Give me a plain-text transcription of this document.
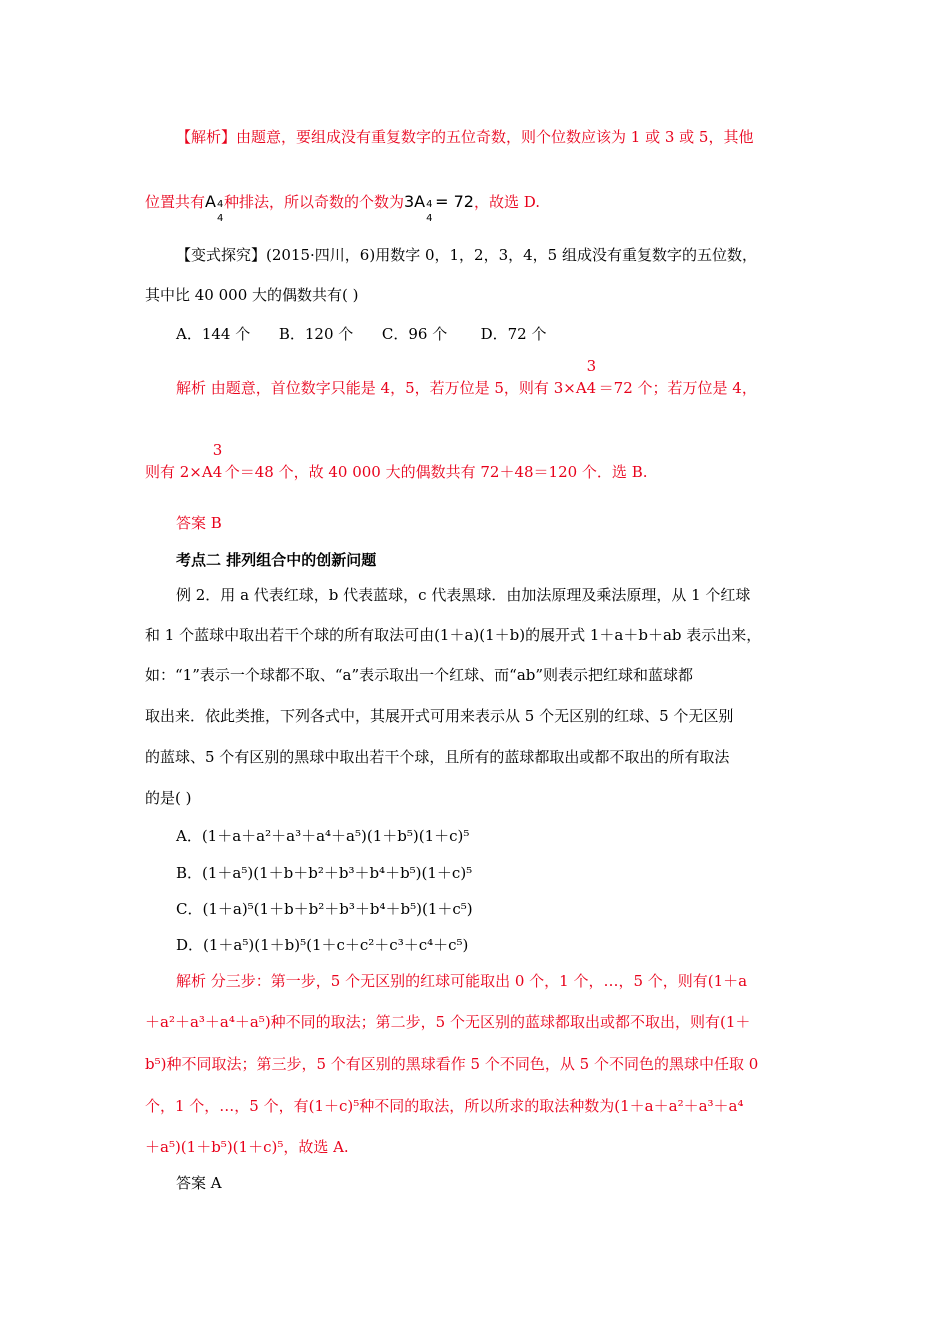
【解析】由题意，要组成没有重复数字的五位奇数，则个位数应该为 1 或 3 或 5，其他
位置共有A 4
4
种排法，所以奇数的个数为3A 4
4
= 72，故选 D.
【变式探究】(2015·四川，6)用数字 0，1，2，3，4，5 组成没有重复数字的五位数，
其中比 40 000 大的偶数共有( )
A．144 个      B．120 个      C．96 个       D．72 个
解析 由题意，首位数字只能是 4，5，若万位是 5，则有 3×A
3
4 ＝72 个；若万位是 4，
则有 2×A
3
4 个＝48 个，故 40 000 大的偶数共有 72＋48＝120 个．选 B.
答案 B
考点二 排列组合中的创新问题
例 2．用 a 代表红球，b 代表蓝球，c 代表黑球．由加法原理及乘法原理，从 1 个红球
和 1 个蓝球中取出若干个球的所有取法可由(1＋a)(1＋b)的展开式 1＋a＋b＋ab 表示出来，
如：“1”表示一个球都不取、“a”表示取出一个红球、而“ab”则表示把红球和蓝球都
取出来．依此类推，下列各式中，其展开式可用来表示从 5 个无区别的红球、5 个无区别
的蓝球、5 个有区别的黑球中取出若干个球，且所有的蓝球都取出或都不取出的所有取法
的是( )
A．(1＋a＋a²＋a³＋a⁴＋a⁵)(1＋b⁵)(1＋c)⁵
B．(1＋a⁵)(1＋b＋b²＋b³＋b⁴＋b⁵)(1＋c)⁵
C．(1＋a)⁵(1＋b＋b²＋b³＋b⁴＋b⁵)(1＋c⁵)
D．(1＋a⁵)(1＋b)⁵(1＋c＋c²＋c³＋c⁴＋c⁵)
解析 分三步：第一步，5 个无区别的红球可能取出 0 个，1 个，…，5 个，则有(1＋a
＋a²＋a³＋a⁴＋a⁵)种不同的取法；第二步，5 个无区别的蓝球都取出或都不取出，则有(1＋
b⁵)种不同取法；第三步，5 个有区别的黑球看作 5 个不同色，从 5 个不同色的黑球中任取 0
个，1 个，…，5 个，有(1＋c)⁵种不同的取法，所以所求的取法种数为(1＋a＋a²＋a³＋a⁴
＋a⁵)(1＋b⁵)(1＋c)⁵，故选 A.
答案 A
